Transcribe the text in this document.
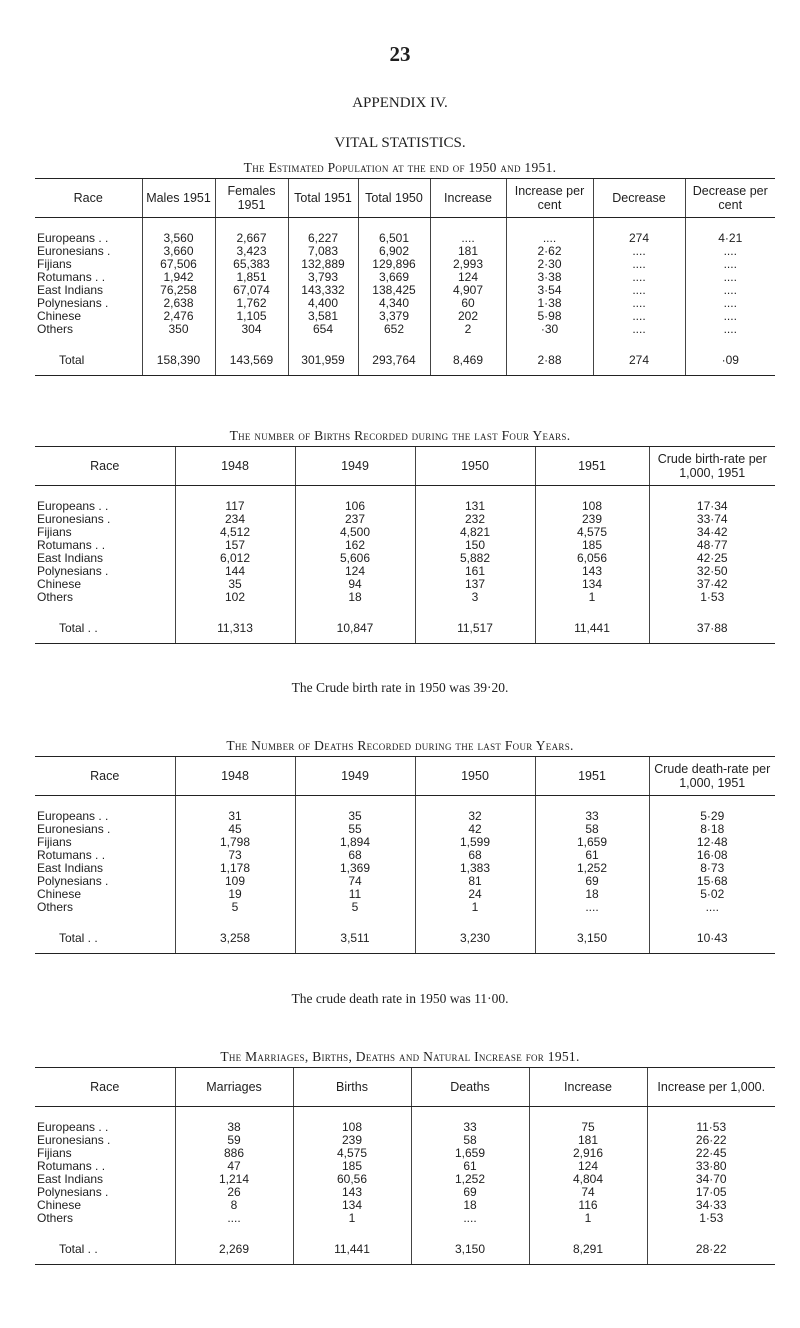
23
APPENDIX IV.
VITAL STATISTICS.
The Estimated Population at the end of 1950 and 1951.
Race	Males 1951	Females 1951	Total 1951	Total 1950	Increase	Increase per cent	Decrease	Decrease per cent
Europeans . .	3,560	2,667	6,227	6,501	....	....	274	4·21
Euronesians .	3,660	3,423	7,083	6,902	181	2·62	....	....
Fijians	67,506	65,383	132,889	129,896	2,993	2·30	....	....
Rotumans . .	1,942	1,851	3,793	3,669	124	3·38	....	....
East Indians	76,258	67,074	143,332	138,425	4,907	3·54	....	....
Polynesians .	2,638	1,762	4,400	4,340	60	1·38	....	....
Chinese	2,476	1,105	3,581	3,379	202	5·98	....	....
Others	350	304	654	652	2	·30	....	....
Total	158,390	143,569	301,959	293,764	8,469	2·88	274	·09
The number of Births Recorded during the last Four Years.
Race	1948	1949	1950	1951	Crude birth-rate per 1,000, 1951
Europeans . .	117	106	131	108	17·34
Euronesians .	234	237	232	239	33·74
Fijians	4,512	4,500	4,821	4,575	34·42
Rotumans . .	157	162	150	185	48·77
East Indians	6,012	5,606	5,882	6,056	42·25
Polynesians .	144	124	161	143	32·50
Chinese	35	94	137	134	37·42
Others	102	18	3	1	1·53
Total . .	11,313	10,847	11,517	11,441	37·88
The Crude birth rate in 1950 was 39·20.
The Number of Deaths Recorded during the last Four Years.
Race	1948	1949	1950	1951	Crude death-rate per 1,000, 1951
Europeans . .	31	35	32	33	5·29
Euronesians .	45	55	42	58	8·18
Fijians	1,798	1,894	1,599	1,659	12·48
Rotumans . .	73	68	68	61	16·08
East Indians	1,178	1,369	1,383	1,252	8·73
Polynesians .	109	74	81	69	15·68
Chinese	19	11	24	18	5·02
Others	5	5	1	....	....
Total . .	3,258	3,511	3,230	3,150	10·43
The crude death rate in 1950 was 11·00.
The Marriages, Births, Deaths and Natural Increase for 1951.
Race	Marriages	Births	Deaths	Increase	Increase per 1,000.
Europeans . .	38	108	33	75	11·53
Euronesians .	59	239	58	181	26·22
Fijians	886	4,575	1,659	2,916	22·45
Rotumans . .	47	185	61	124	33·80
East Indians	1,214	60,56	1,252	4,804	34·70
Polynesians .	26	143	69	74	17·05
Chinese	8	134	18	116	34·33
Others	....	1	....	1	1·53
Total . .	2,269	11,441	3,150	8,291	28·22
